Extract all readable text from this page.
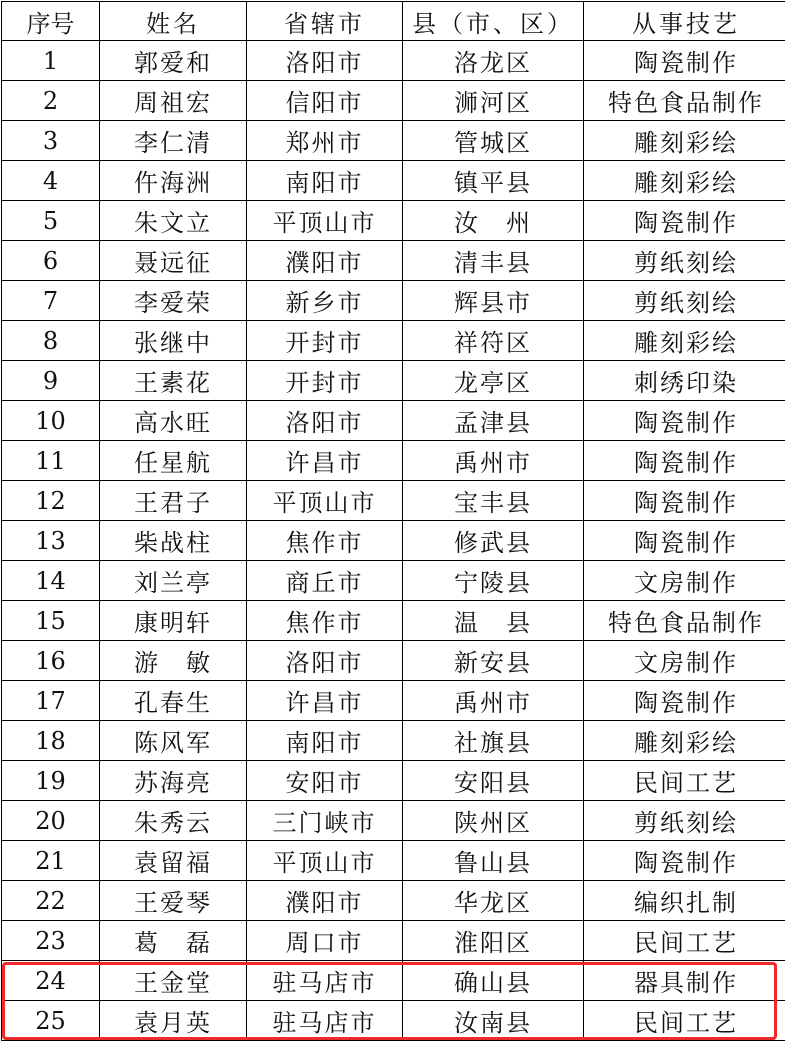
序号	姓名	省辖市	县（市、区）	从事技艺
1	郭爱和	洛阳市	洛龙区	陶瓷制作
2	周祖宏	信阳市	浉河区	特色食品制作
3	李仁清	郑州市	管城区	雕刻彩绘
4	仵海洲	南阳市	镇平县	雕刻彩绘
5	朱文立	平顶山市	汝　州	陶瓷制作
6	聂远征	濮阳市	清丰县	剪纸刻绘
7	李爱荣	新乡市	辉县市	剪纸刻绘
8	张继中	开封市	祥符区	雕刻彩绘
9	王素花	开封市	龙亭区	刺绣印染
10	高水旺	洛阳市	孟津县	陶瓷制作
11	任星航	许昌市	禹州市	陶瓷制作
12	王君子	平顶山市	宝丰县	陶瓷制作
13	柴战柱	焦作市	修武县	陶瓷制作
14	刘兰亭	商丘市	宁陵县	文房制作
15	康明轩	焦作市	温　县	特色食品制作
16	游　敏	洛阳市	新安县	文房制作
17	孔春生	许昌市	禹州市	陶瓷制作
18	陈风军	南阳市	社旗县	雕刻彩绘
19	苏海亮	安阳市	安阳县	民间工艺
20	朱秀云	三门峡市	陕州区	剪纸刻绘
21	袁留福	平顶山市	鲁山县	陶瓷制作
22	王爱琴	濮阳市	华龙区	编织扎制
23	葛　磊	周口市	淮阳区	民间工艺
24	王金堂	驻马店市	确山县	器具制作
25	袁月英	驻马店市	汝南县	民间工艺
